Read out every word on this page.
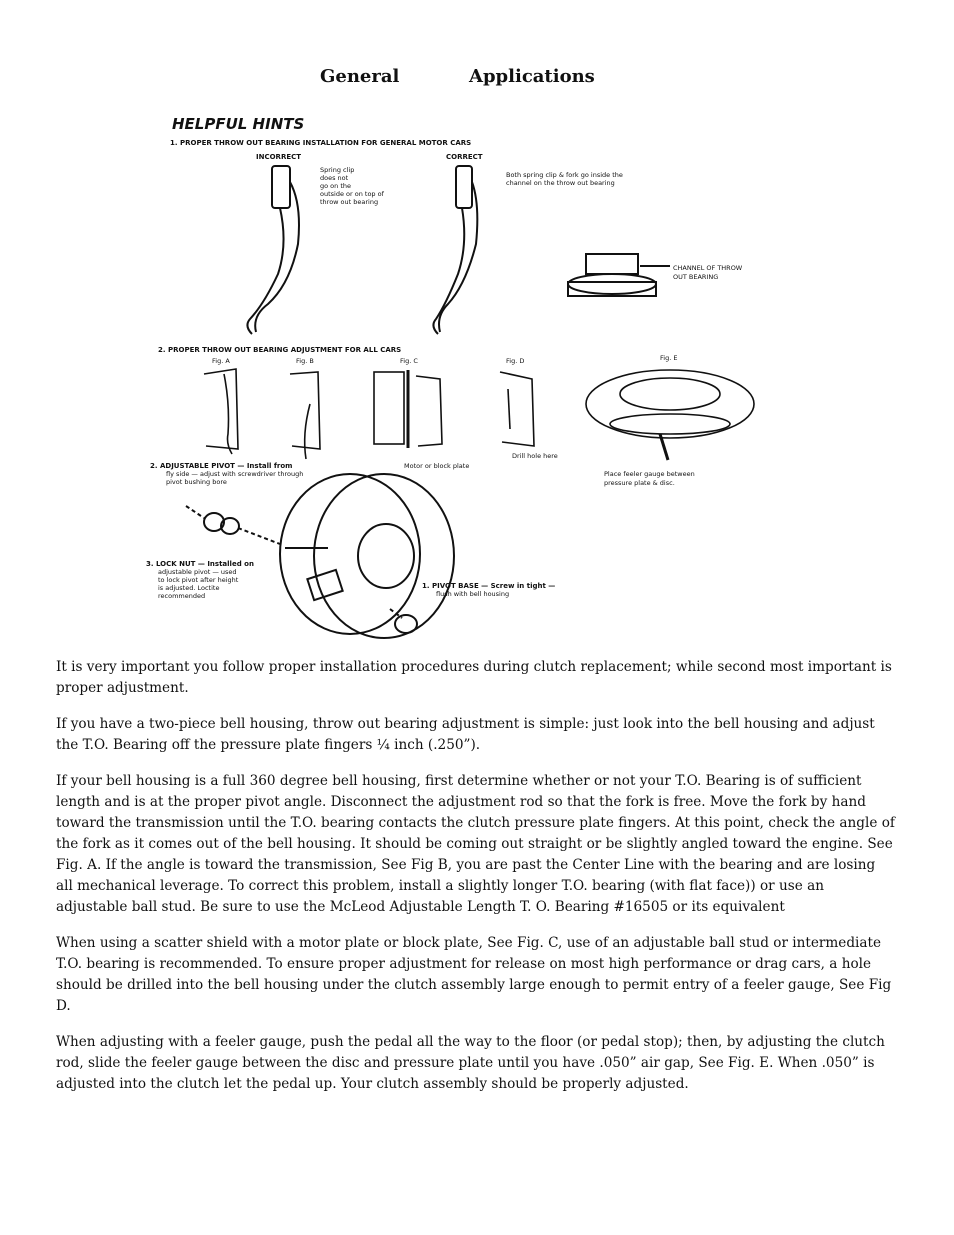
General	Applications
HELPFUL HINTS
1. PROPER THROW OUT BEARING INSTALLATION FOR GENERAL MOTOR CARS
INCORRECT	CORRECT
Spring clip
does not
go on the
outside or on top of
throw out bearing
Both spring clip & fork go inside the
channel on the throw out bearing
CHANNEL OF THROW
OUT BEARING
2. PROPER THROW OUT BEARING ADJUSTMENT FOR ALL CARS
Fig. A	Fig. B	Fig. C	Fig. D	Fig. E
Motor or block plate
Drill hole here
Place feeler gauge between
pressure plate & disc.
2. ADJUSTABLE PIVOT — Install from
fly side — adjust with screwdriver through
pivot bushing bore
3. LOCK NUT — Installed on
adjustable pivot — used
to lock pivot after height
is adjusted. Loctite
recommended
1. PIVOT BASE — Screw in tight —
flush with bell housing

It is very important you follow proper installation procedures during clutch replacement; while second most important is proper adjustment.

If you have a two-piece bell housing, throw out bearing adjustment is simple: just look into the bell housing and adjust the T.O. Bearing off the pressure plate fingers ¼ inch (.250”).

If your bell housing is a full 360 degree bell housing, first determine whether or not your T.O. Bearing is of sufficient length and is at the proper pivot angle. Disconnect the adjustment rod so that the fork is free. Move the fork by hand toward the transmission until the T.O. bearing contacts the clutch pressure plate fingers. At this point, check the angle of the fork as it comes out of the bell housing. It should be coming out straight or be slightly angled toward the engine. See Fig. A. If the angle is toward the transmission, See Fig B, you are past the Center Line with the bearing and are losing all mechanical leverage. To correct this problem, install a slightly longer T.O. bearing (with flat face)) or use an adjustable ball stud. Be sure to use the McLeod Adjustable Length T. O. Bearing #16505 or its equivalent

When using a scatter shield with a motor plate or block plate, See Fig. C, use of an adjustable ball stud or intermediate T.O. bearing is recommended. To ensure proper adjustment for release on most high performance or drag cars, a hole should be drilled into the bell housing under the clutch assembly large enough to permit entry of a feeler gauge, See Fig D.

When adjusting with a feeler gauge, push the pedal all the way to the floor (or pedal stop); then, by adjusting the clutch rod, slide the feeler gauge between the disc and pressure plate until you have .050” air gap, See Fig. E. When .050” is adjusted into the clutch let the pedal up. Your clutch assembly should be properly adjusted.
